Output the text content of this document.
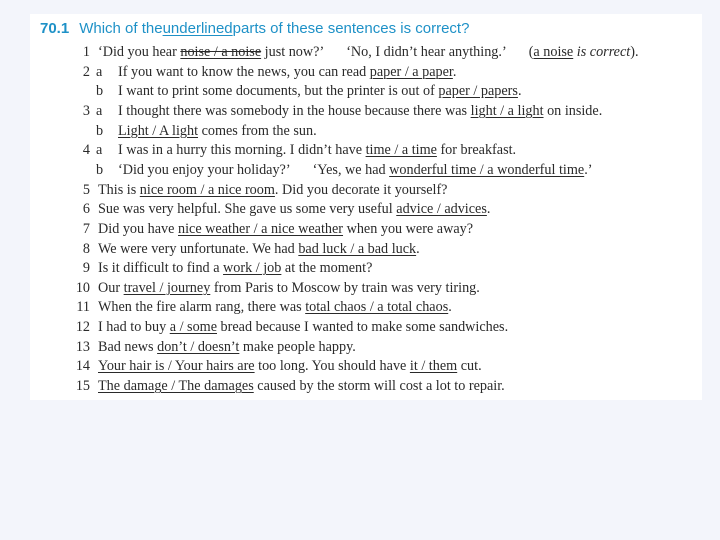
70.1 Which of the underlined parts of these sentences is correct?
1 ‘Did you hear noise / a noise just now?’ ‘No, I didn’t hear anything.’ (a noise is correct).
2 a	If you want to know the news, you can read paper / a paper.
b	I want to print some documents, but the printer is out of paper / papers.
3 a	I thought there was somebody in the house because there was light / a light on inside.
b	Light / A light comes from the sun.
4 a	I was in a hurry this morning. I didn’t have time / a time for breakfast.
b	‘Did you enjoy your holiday?’ ‘Yes, we had wonderful time / a wonderful time.’
5 This is nice room / a nice room. Did you decorate it yourself?
6 Sue was very helpful. She gave us some very useful advice / advices.
7 Did you have nice weather / a nice weather when you were away?
8 We were very unfortunate. We had bad luck / a bad luck.
9 Is it difficult to find a work / job at the moment?
10 Our travel / journey from Paris to Moscow by train was very tiring.
11 When the fire alarm rang, there was total chaos / a total chaos.
12 I had to buy a / some bread because I wanted to make some sandwiches.
13 Bad news don’t / doesn’t make people happy.
14 Your hair is / Your hairs are too long. You should have it / them cut.
15 The damage / The damages caused by the storm will cost a lot to repair.
